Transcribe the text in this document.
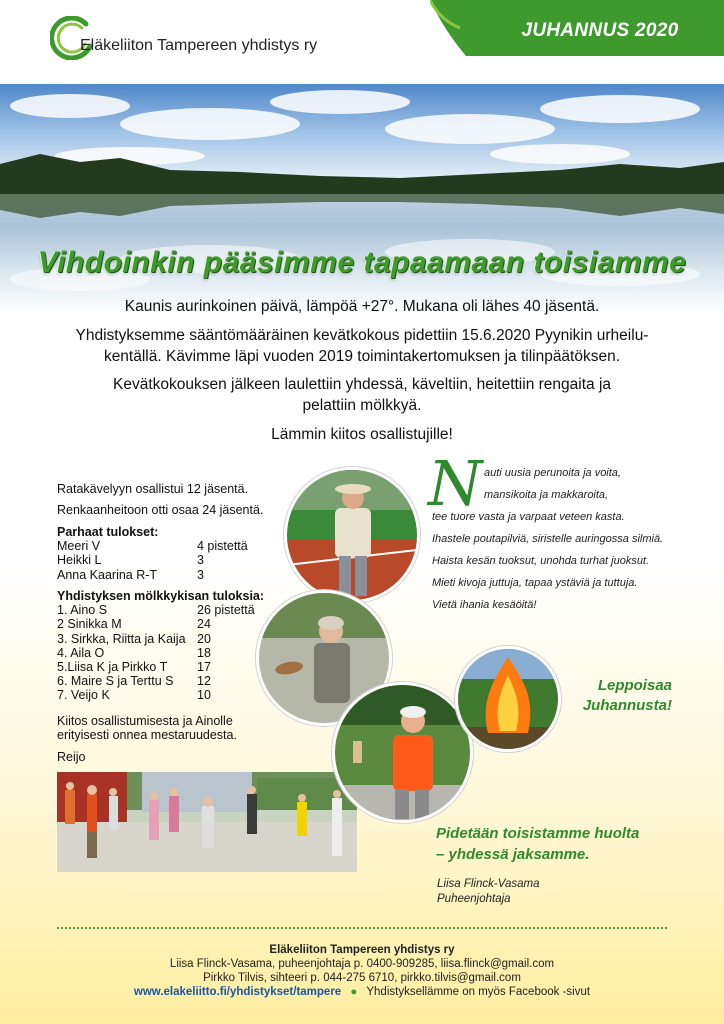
Eläkeliiton Tampereen yhdistys ry
JUHANNUS 2020
Vihdoinkin pääsimme tapaamaan toisiamme
Kaunis aurinkoinen päivä, lämpöä +27°. Mukana oli lähes 40 jäsentä.
Yhdistyksemme sääntömääräinen kevätkokous pidettiin 15.6.2020 Pyynikin urheilu-
kentällä. Kävimme läpi vuoden 2019 toimintakertomuksen ja tilinpäätöksen.
Kevätkokouksen jälkeen laulettiin yhdessä, käveltiin, heitettiin rengaita ja
pelattiin mölkkyä.
Lämmin kiitos osallistujille!
Ratakävelyyn osallistui 12 jäsentä.
Renkaanheitoon otti osaa 24 jäsentä.
Parhaat tulokset:
Meeri V	4 pistettä
Heikki L	3
Anna Kaarina R-T	3
Yhdistyksen mölkkykisan tuloksia:
1. Aino S	26 pistettä
2 Sinikka M	24
3. Sirkka, Riitta ja Kaija 20
4. Aila O	18
5.Liisa K ja Pirkko T	17
6. Maire S ja Terttu S	12
7. Veijo K	10
Kiitos osallistumisesta ja Ainolle
erityisesti onnea mestaruudesta.
Reijo
N auti uusia perunoita ja voita,
mansikoita ja makkaroita,
tee tuore vasta ja varpaat veteen kasta.
Ihastele poutapilviä, siristelle auringossa silmiä.
Haista kesän tuoksut, unohda turhat juoksut.
Mieti kivoja juttuja, tapaa ystäviä ja tuttuja.
Vietä ihania kesäöitä!
Leppoisaa
Juhannusta!
Pidetään toisistamme huolta
– yhdessä jaksamme.
Liisa Flinck-Vasama
Puheenjohtaja
Eläkeliiton Tampereen yhdistys ry
Liisa Flinck-Vasama, puheenjohtaja p. 0400-909285, liisa.flinck@gmail.com
Pirkko Tilvis, sihteeri p. 044-275 6710, pirkko.tilvis@gmail.com
www.elakeliitto.fi/yhdistykset/tampere ● Yhdistyksellämme on myös Facebook -sivut
